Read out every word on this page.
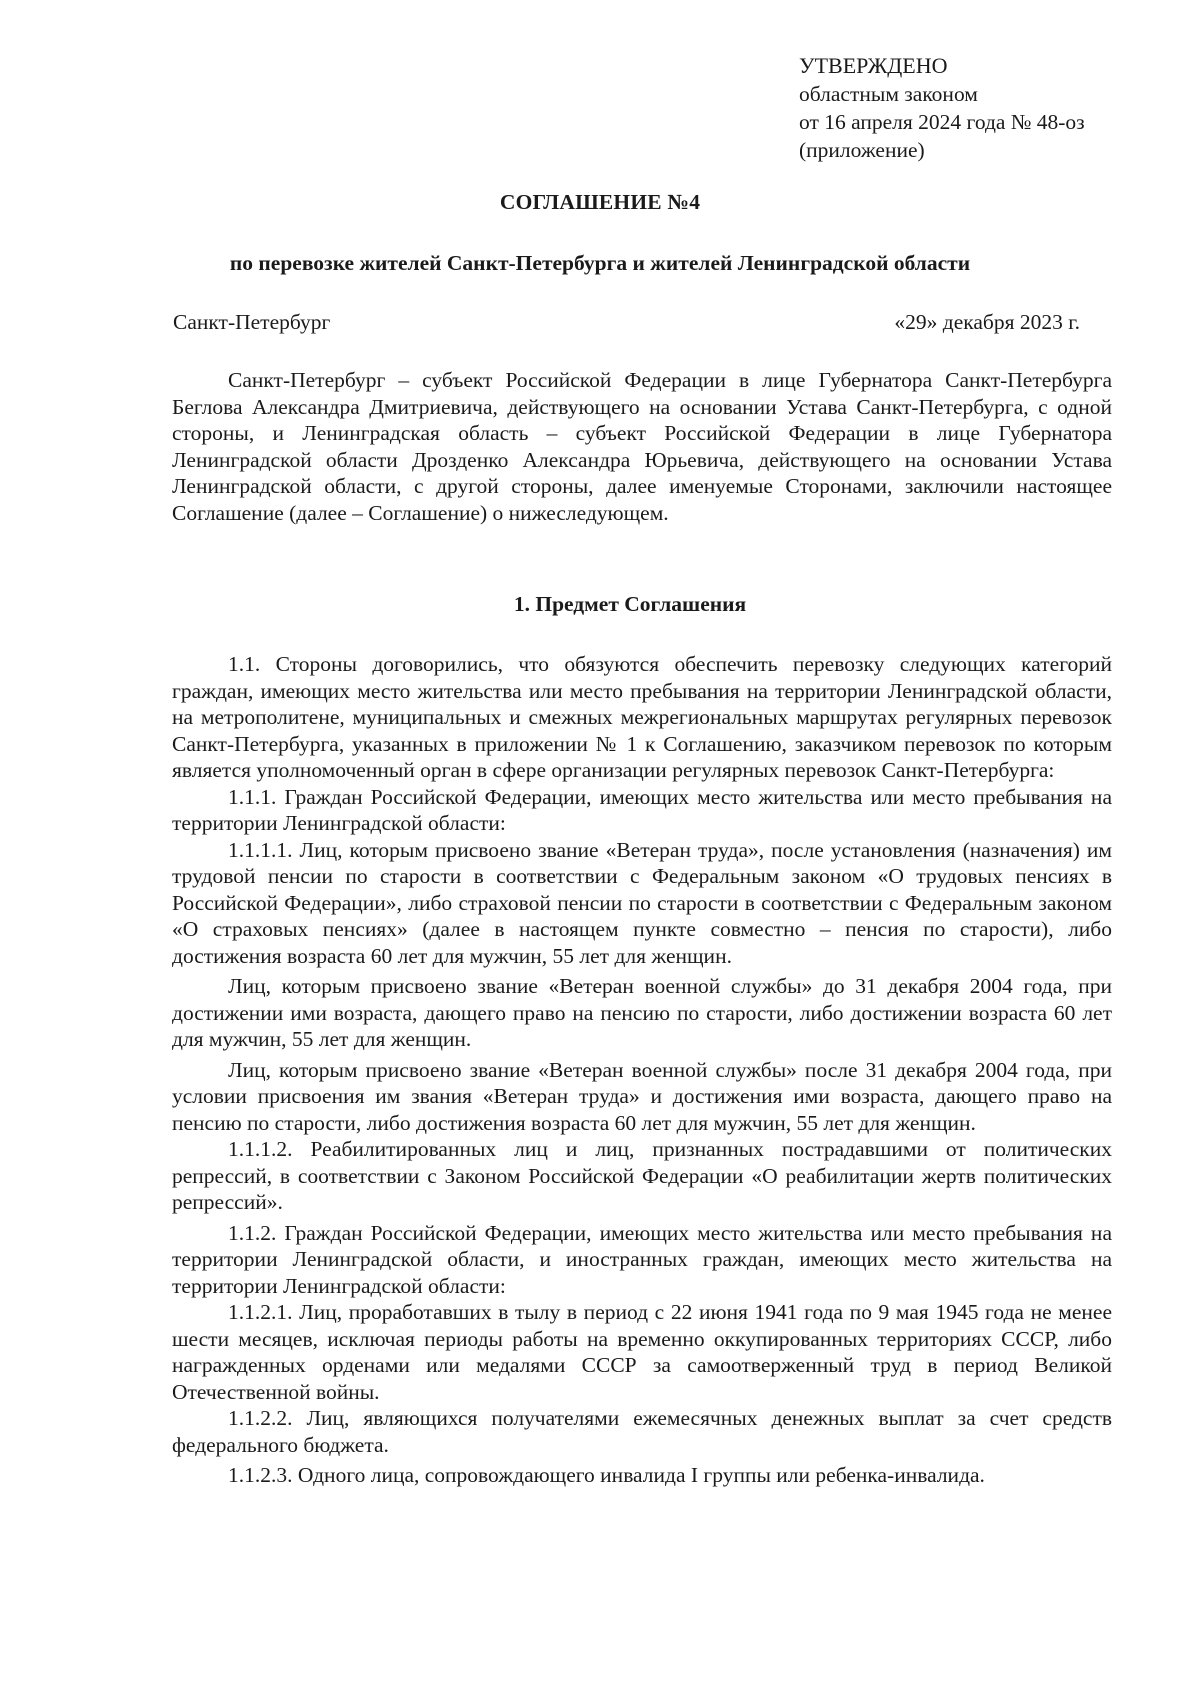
УТВЕРЖДЕНО
областным законом
от 16 апреля 2024 года № 48-оз
(приложение)
СОГЛАШЕНИЕ №4
по перевозке жителей Санкт-Петербурга и жителей Ленинградской области
Санкт-Петербург	«29» декабря 2023 г.

Санкт-Петербург – субъект Российской Федерации в лице Губернатора Санкт-Петербурга Беглова Александра Дмитриевича, действующего на основании Устава Санкт-Петербурга, с одной стороны, и Ленинградская область – субъект Российской Федерации в лице Губернатора Ленинградской области Дрозденко Александра Юрьевича, действующего на основании Устава Ленинградской области, с другой стороны, далее именуемые Сторонами, заключили настоящее Соглашение (далее – Соглашение) о нижеследующем.

1. Предмет Соглашения

1.1. Стороны договорились, что обязуются обеспечить перевозку следующих категорий граждан, имеющих место жительства или место пребывания на территории Ленинградской области, на метрополитене, муниципальных и смежных межрегиональных маршрутах регулярных перевозок Санкт-Петербурга, указанных в приложении № 1 к Соглашению, заказчиком перевозок по которым является уполномоченный орган в сфере организации регулярных перевозок Санкт-Петербурга:

1.1.1. Граждан Российской Федерации, имеющих место жительства или место пребывания на территории Ленинградской области:

1.1.1.1. Лиц, которым присвоено звание «Ветеран труда», после установления (назначения) им трудовой пенсии по старости в соответствии с Федеральным законом «О трудовых пенсиях в Российской Федерации», либо страховой пенсии по старости в соответствии с Федеральным законом «О страховых пенсиях» (далее в настоящем пункте совместно – пенсия по старости), либо достижения возраста 60 лет для мужчин, 55 лет для женщин.

Лиц, которым присвоено звание «Ветеран военной службы» до 31 декабря 2004 года, при достижении ими возраста, дающего право на пенсию по старости, либо достижении возраста 60 лет для мужчин, 55 лет для женщин.

Лиц, которым присвоено звание «Ветеран военной службы» после 31 декабря 2004 года, при условии присвоения им звания «Ветеран труда» и достижения ими возраста, дающего право на пенсию по старости, либо достижения возраста 60 лет для мужчин, 55 лет для женщин.

1.1.1.2. Реабилитированных лиц и лиц, признанных пострадавшими от политических репрессий, в соответствии с Законом Российской Федерации «О реабилитации жертв политических репрессий».

1.1.2. Граждан Российской Федерации, имеющих место жительства или место пребывания на территории Ленинградской области, и иностранных граждан, имеющих место жительства на территории Ленинградской области:

1.1.2.1. Лиц, проработавших в тылу в период с 22 июня 1941 года по 9 мая 1945 года не менее шести месяцев, исключая периоды работы на временно оккупированных территориях СССР, либо награжденных орденами или медалями СССР за самоотверженный труд в период Великой Отечественной войны.

1.1.2.2. Лиц, являющихся получателями ежемесячных денежных выплат за счет средств федерального бюджета.

1.1.2.3. Одного лица, сопровождающего инвалида I группы или ребенка-инвалида.
